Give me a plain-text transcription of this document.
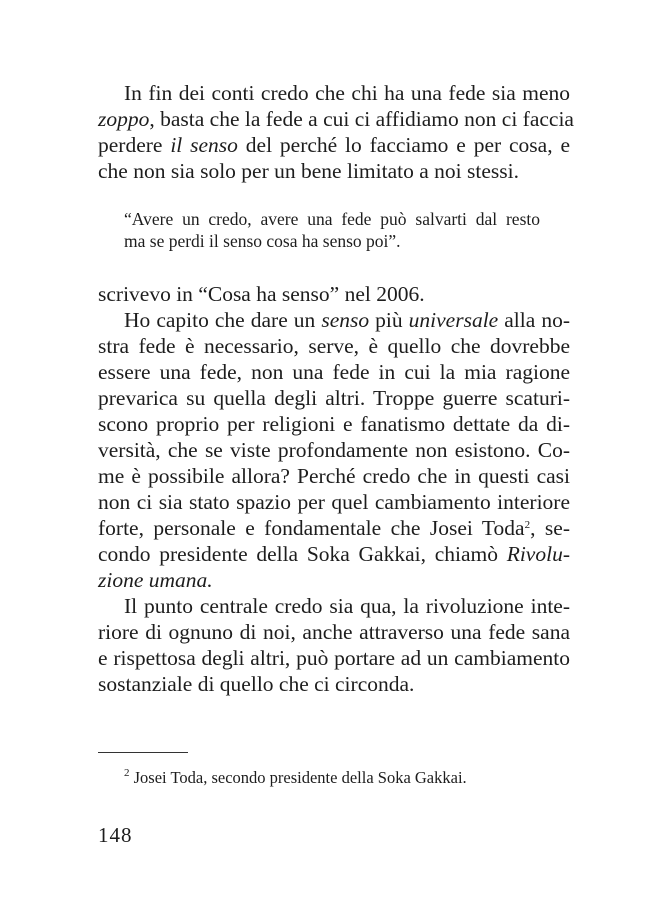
In fin dei conti credo che chi ha una fede sia meno
zoppo, basta che la fede a cui ci affidiamo non ci faccia
perdere il senso del perché lo facciamo e per cosa, e
che non sia solo per un bene limitato a noi stessi.
“Avere un credo, avere una fede può salvarti dal resto
ma se perdi il senso cosa ha senso poi”.
scrivevo in “Cosa ha senso” nel 2006.
Ho capito che dare un senso più universale alla no-
stra fede è necessario, serve, è quello che dovrebbe
essere una fede, non una fede in cui la mia ragione
prevarica su quella degli altri. Troppe guerre scaturi-
scono proprio per religioni e fanatismo dettate da di-
versità, che se viste profondamente non esistono. Co-
me è possibile allora? Perché credo che in questi casi
non ci sia stato spazio per quel cambiamento interiore
forte, personale e fondamentale che Josei Toda$^2$, se-
condo presidente della Soka Gakkai, chiamò Rivolu-
zione umana.
Il punto centrale credo sia qua, la rivoluzione inte-
riore di ognuno di noi, anche attraverso una fede sana
e rispettosa degli altri, può portare ad un cambiamento
sostanziale di quello che ci circonda.
$^2$ Josei Toda, secondo presidente della Soka Gakkai.
148
